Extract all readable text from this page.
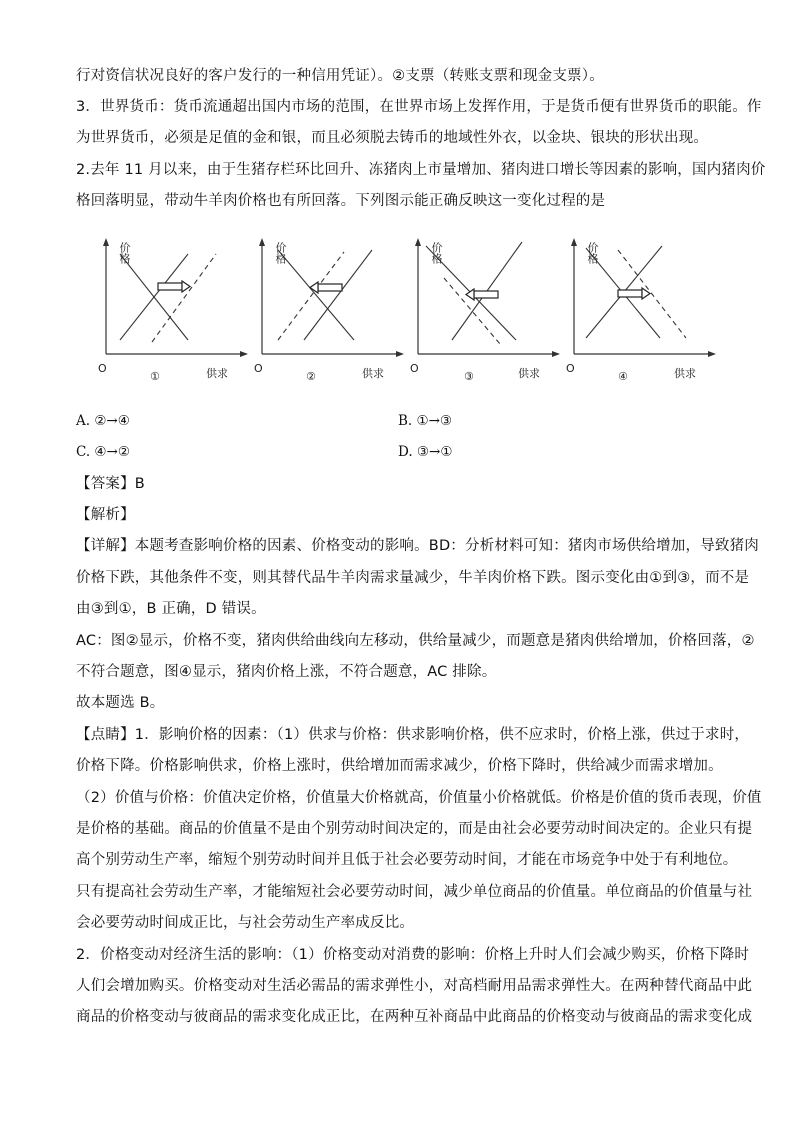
行对资信状况良好的客户发行的一种信用凭证）。②支票（转账支票和现金支票）。
3．世界货币：货币流通超出国内市场的范围，在世界市场上发挥作用，于是货币便有世界货币的职能。作
为世界货币，必须是足值的金和银，而且必须脱去铸币的地域性外衣，以金块、银块的形状出现。
2.去年 11 月以来，由于生猪存栏环比回升、冻猪肉上市量增加、猪肉进口增长等因素的影响，国内猪肉价
格回落明显，带动牛羊肉价格也有所回落。下列图示能正确反映这一变化过程的是
价格
O
①	供求
价格
O
②	供求
价格
O
③	供求
价格
O
④	供求
A. ②→④	B. ①→③
C. ④→②	D. ③→①
【答案】B
【解析】
【详解】本题考查影响价格的因素、价格变动的影响。BD：分析材料可知：猪肉市场供给增加，导致猪肉
价格下跌，其他条件不变，则其替代品牛羊肉需求量减少，牛羊肉价格下跌。图示变化由①到③，而不是
由③到①，B 正确，D 错误。
AC：图②显示，价格不变，猪肉供给曲线向左移动，供给量减少，而题意是猪肉供给增加，价格回落，②
不符合题意，图④显示，猪肉价格上涨，不符合题意，AC 排除。
故本题选 B。
【点睛】1．影响价格的因素：（1）供求与价格：供求影响价格，供不应求时，价格上涨，供过于求时，
价格下降。价格影响供求，价格上涨时，供给增加而需求减少，价格下降时，供给减少而需求增加。
（2）价值与价格：价值决定价格，价值量大价格就高，价值量小价格就低。价格是价值的货币表现，价值
是价格的基础。商品的价值量不是由个别劳动时间决定的，而是由社会必要劳动时间决定的。企业只有提
高个别劳动生产率，缩短个别劳动时间并且低于社会必要劳动时间，才能在市场竞争中处于有利地位。
只有提高社会劳动生产率，才能缩短社会必要劳动时间，减少单位商品的价值量。单位商品的价值量与社
会必要劳动时间成正比，与社会劳动生产率成反比。
2．价格变动对经济生活的影响：（1）价格变动对消费的影响：价格上升时人们会减少购买，价格下降时
人们会增加购买。价格变动对生活必需品的需求弹性小，对高档耐用品需求弹性大。在两种替代商品中此
商品的价格变动与彼商品的需求变化成正比，在两种互补商品中此商品的价格变动与彼商品的需求变化成
